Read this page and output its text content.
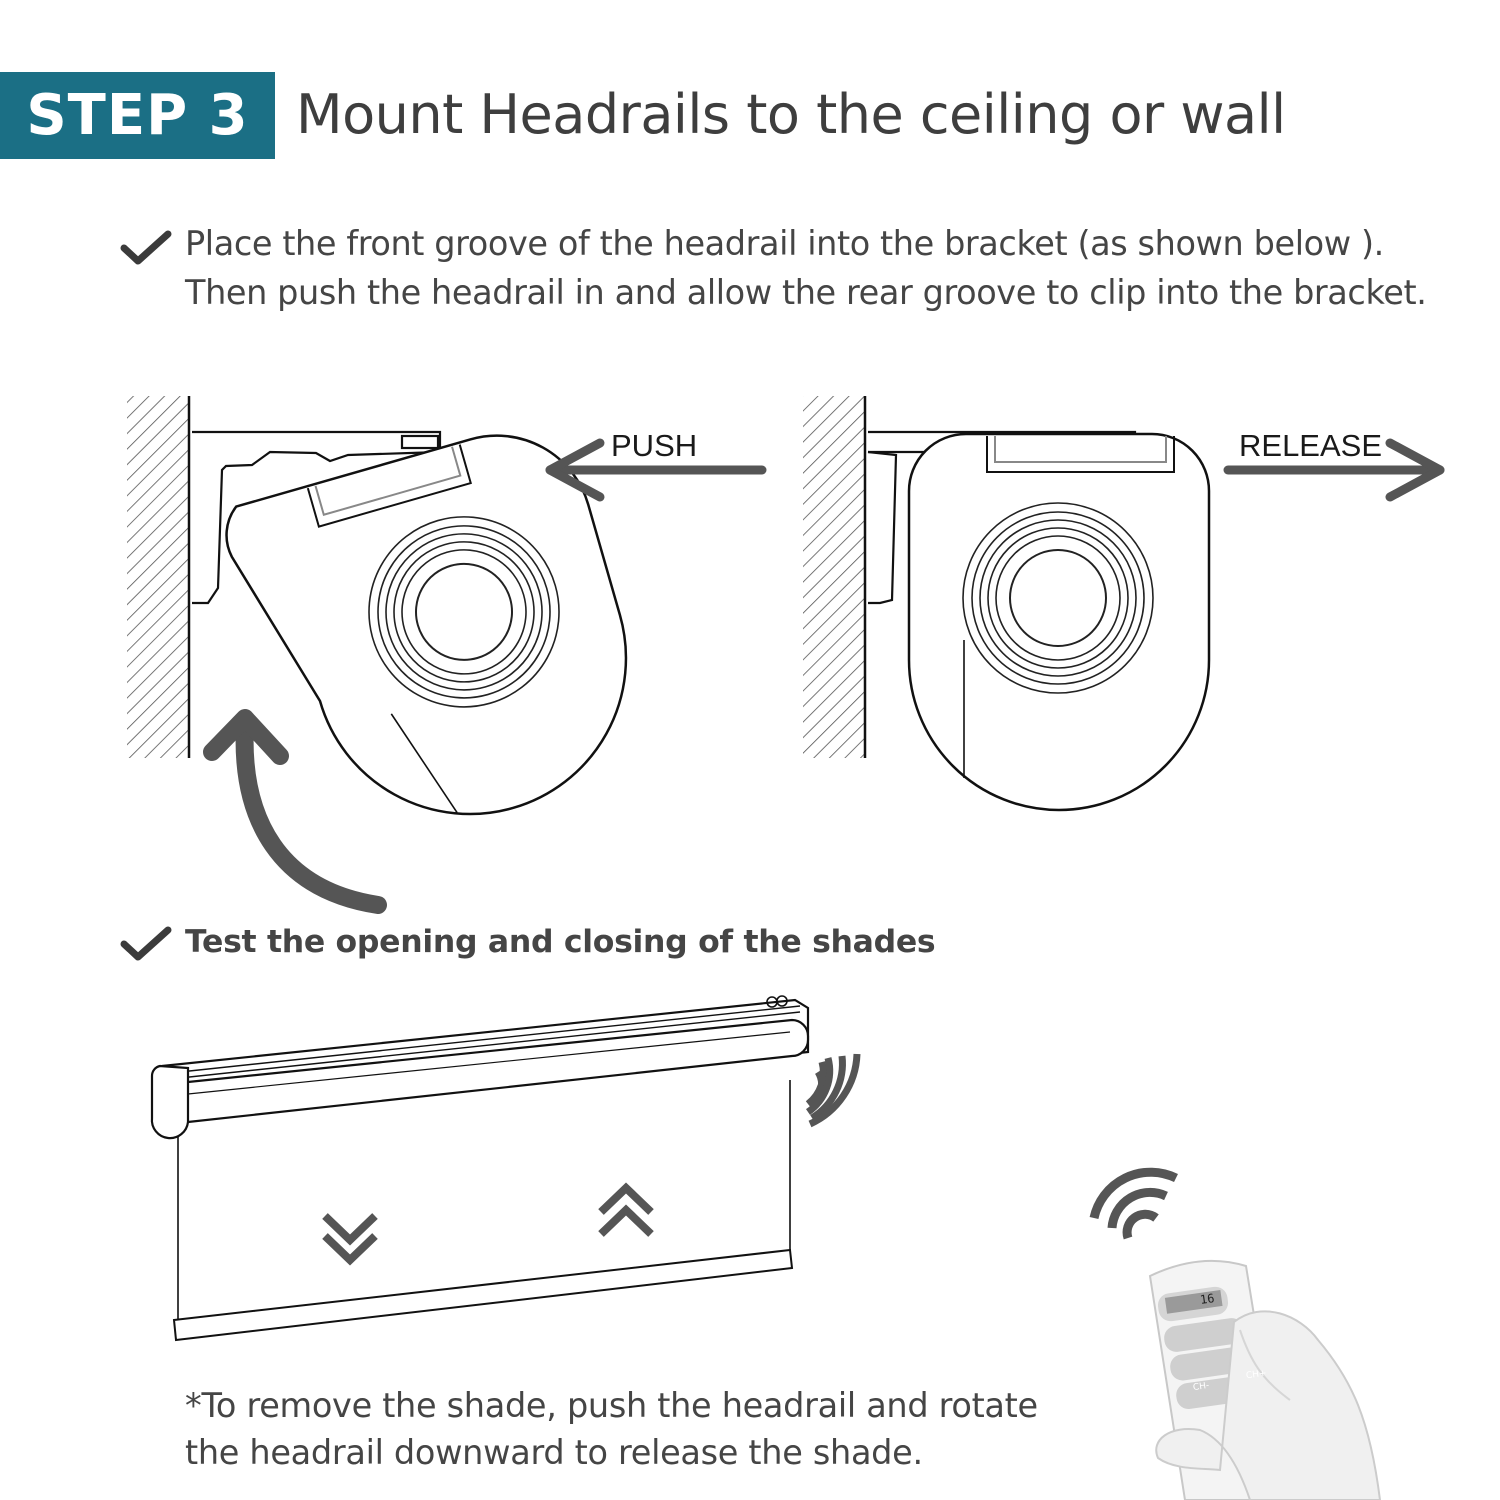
STEP 3 Mount Headrails to the ceiling or wall
Place the front groove of the headrail into the bracket (as shown below ).
Then push the headrail in and allow the rear groove to clip into the bracket.
PUSH	RELEASE
16
CH-
CH+
Test the opening and closing of the shades
*To remove the shade, push the headrail and rotate
the headrail downward to release the shade.
